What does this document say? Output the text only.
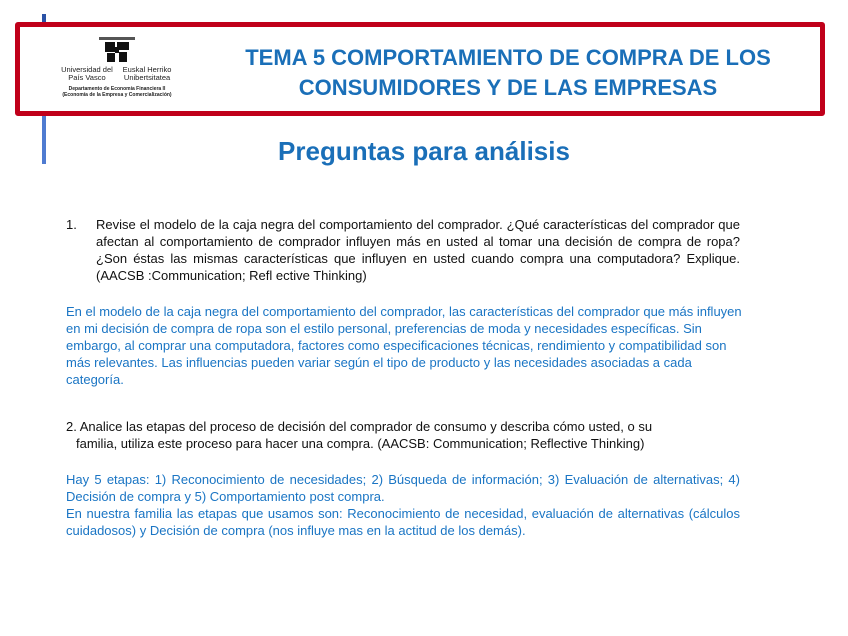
Universidad del País Vasco Euskal Herriko Unibertsitatea
Departamento de Economía Financiera II
(Economía de la Empresa y Comercialización)
TEMA 5 COMPORTAMIENTO DE COMPRA DE LOS
CONSUMIDORES Y DE LAS EMPRESAS
Preguntas para análisis
1. Revise el modelo de la caja negra del comportamiento del comprador. ¿Qué características del comprador que afectan al comportamiento de comprador influyen más en usted al tomar una decisión de compra de ropa? ¿Son éstas las mismas características que influyen en usted cuando compra una computadora? Explique. (AACSB :Communication; Refl ective Thinking)
En el modelo de la caja negra del comportamiento del comprador, las características del comprador que más influyen en mi decisión de compra de ropa son el estilo personal, preferencias de moda y necesidades específicas. Sin embargo, al comprar una computadora, factores como especificaciones técnicas, rendimiento y compatibilidad son más relevantes. Las influencias pueden variar según el tipo de producto y las necesidades asociadas a cada categoría.
2. Analice las etapas del proceso de decisión del comprador de consumo y describa cómo usted, o su
familia, utiliza este proceso para hacer una compra. (AACSB: Communication; Reflective Thinking)
Hay 5 etapas: 1) Reconocimiento de necesidades; 2) Búsqueda de información; 3) Evaluación de alternativas; 4) Decisión de compra y 5) Comportamiento post compra.
En nuestra familia las etapas que usamos son: Reconocimiento de necesidad, evaluación de alternativas (cálculos cuidadosos) y Decisión de compra (nos influye mas en la actitud de los demás).
